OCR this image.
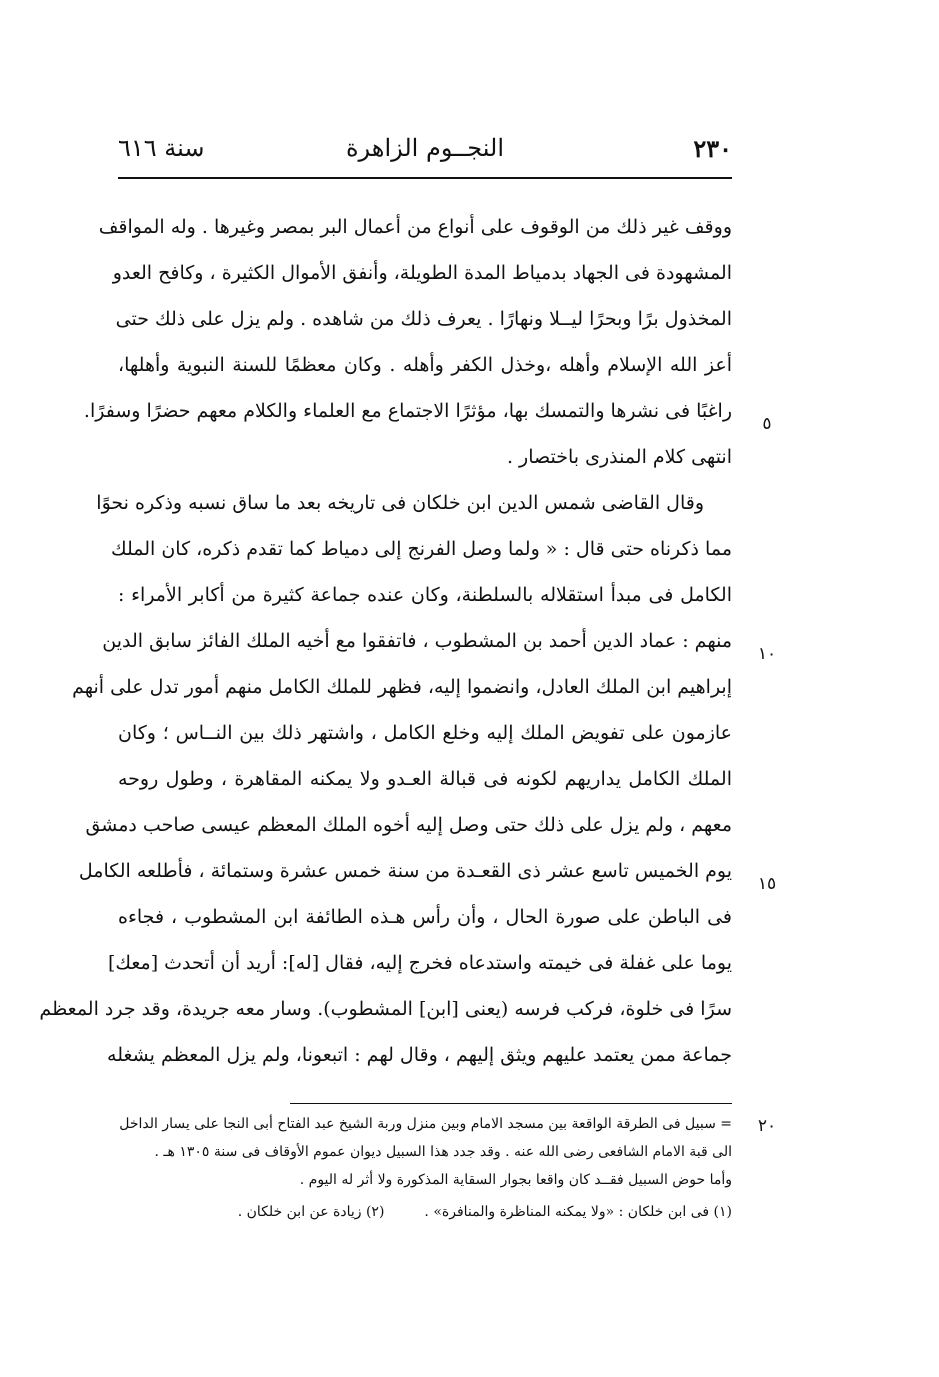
٢٣٠
النجــوم الزاهرة
سنة ٦١٦
ووقف غير ذلك من الوقوف على أنواع من أعمال البر بمصر وغيرها . وله المواقف
المشهودة فى الجهاد بدمياط المدة الطويلة، وأنفق الأموال الكثيرة ، وكافح العدو
المخذول برًا وبحرًا ليــلا ونهارًا . يعرف ذلك من شاهده . ولم يزل على ذلك حتى
أعز الله الإسلام وأهله ،وخذل الكفر وأهله . وكان معظمًا للسنة النبوية وأهلها،
راغبًا فى نشرها والتمسك بها، مؤثرًا الاجتماع مع العلماء والكلام معهم حضرًا وسفرًا.
انتهى كلام المنذرى باختصار .
وقال القاضى شمس الدين ابن خلكان فى تاريخه بعد ما ساق نسبه وذكره نحوًا
مما ذكرناه حتى قال : « ولما وصل الفرنج إلى دمياط كما تقدم ذكره، كان الملك
الكامل فى مبدأ استقلاله بالسلطنة، وكان عنده جماعة كثيرة من أكابر الأمراء :
منهم : عماد الدين أحمد بن المشطوب ، فاتفقوا مع أخيه الملك الفائز سابق الدين
إبراهيم ابن الملك العادل، وانضموا إليه، فظهر للملك الكامل منهم أمور تدل على أنهم
عازمون على تفويض الملك إليه وخلع الكامل ، واشتهر ذلك بين النــاس ؛ وكان
الملك الكامل يداريهم لكونه فى قبالة العـدو ولا يمكنه المقاهرة ، وطول روحه
معهم ، ولم يزل على ذلك حتى وصل إليه أخوه الملك المعظم عيسى صاحب دمشق
يوم الخميس تاسع عشر ذى القعـدة من سنة خمس عشرة وستمائة ، فأطلعه الكامل
فى الباطن على صورة الحال ، وأن رأس هـذه الطائفة ابن المشطوب ، فجاءه
يوما على غفلة فى خيمته واستدعاه فخرج إليه، فقال [له]: أريد أن أتحدث [معك]
سرًا فى خلوة، فركب فرسه (يعنى [ابن] المشطوب). وسار معه جريدة، وقد جرد المعظم
جماعة ممن يعتمد عليهم ويثق إليهم ، وقال لهم : اتبعونا، ولم يزل المعظم يشغله
٥
١٠
١٥
٢٠
= سبيل فى الطرقة الواقعة بين مسجد الامام وبين منزل وربة الشيخ عبد الفتاح أبى النجا على يسار الداخل
الى قبة الامام الشافعى رضى الله عنه . وقد جدد هذا السبيل ديوان عموم الأوقاف فى سنة ١٣٠٥ هـ .
وأما حوض السبيل فقــد كان واقعا بجوار السقاية المذكورة ولا أثر له اليوم .
(١) فى ابن خلكان : «ولا يمكنه المناظرة والمنافرة» .
(٢) زيادة عن ابن خلكان .
